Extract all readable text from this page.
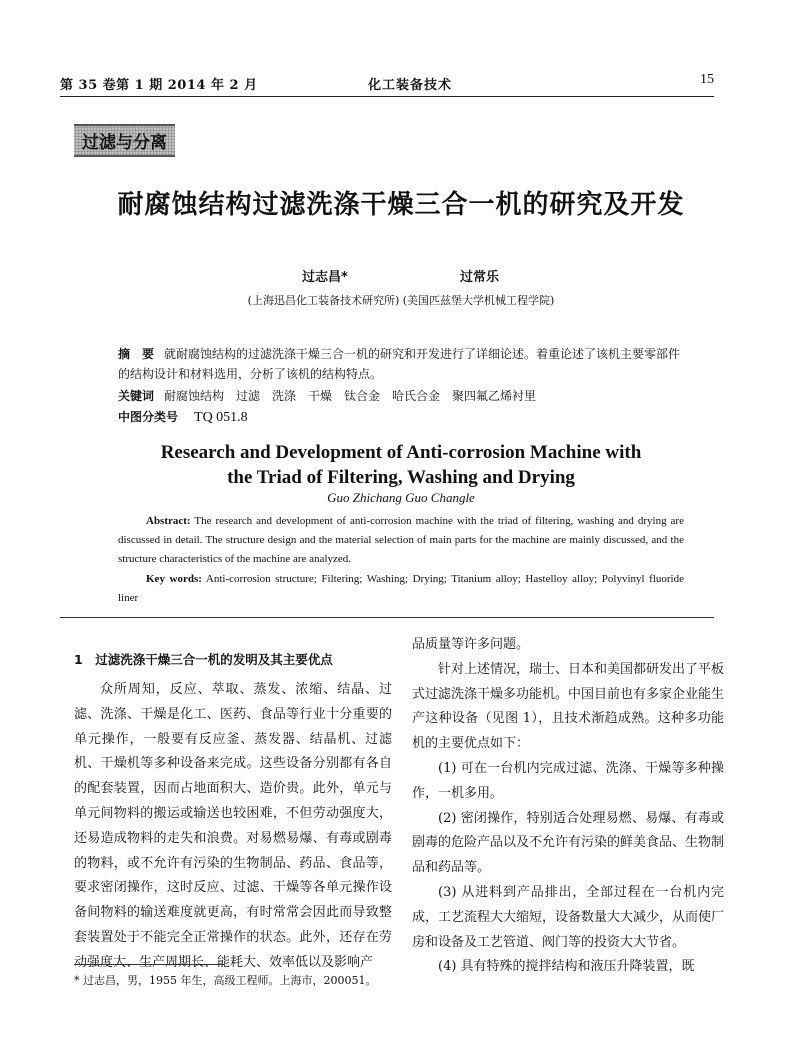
第 35 卷第 1 期 2014 年 2 月	化工装备技术	15
过滤与分离
耐腐蚀结构过滤洗涤干燥三合一机的研究及开发
过志昌*	过常乐
(上海迅昌化工装备技术研究所) (美国匹兹堡大学机械工程学院)
摘　要 就耐腐蚀结构的过滤洗涤干燥三合一机的研究和开发进行了详细论述。着重论述了该机主要零部件的结构设计和材料选用，分析了该机的结构特点。
关键词 耐腐蚀结构　过滤　洗涤　干燥　钛合金　哈氏合金　聚四氟乙烯衬里
中图分类号 TQ 051.8
Research and Development of Anti-corrosion Machine with
the Triad of Filtering, Washing and Drying
Guo Zhichang Guo Changle
Abstract: The research and development of anti-corrosion machine with the triad of filtering, washing and drying are discussed in detail. The structure design and the material selection of main parts for the machine are mainly discussed, and the structure characteristics of the machine are analyzed.
Key words: Anti-corrosion structure; Filtering; Washing; Drying; Titanium alloy; Hastelloy alloy; Polyvinyl fluoride liner
1　过滤洗涤干燥三合一机的发明及其主要优点

众所周知，反应、萃取、蒸发、浓缩、结晶、过滤、洗涤、干燥是化工、医药、食品等行业十分重要的单元操作，一般要有反应釜、蒸发器、结晶机、过滤机、干燥机等多种设备来完成。这些设备分别都有各自的配套装置，因而占地面积大、造价贵。此外，单元与单元间物料的搬运或输送也较困难，不但劳动强度大，还易造成物料的走失和浪费。对易燃易爆、有毒或剧毒的物料，或不允许有污染的生物制品、药品、食品等，要求密闭操作，这时反应、过滤、干燥等各单元操作设备间物料的输送难度就更高，有时常常会因此而导致整套装置处于不能完全正常操作的状态。此外，还存在劳动强度大、生产周期长、能耗大、效率低以及影响产

品质量等许多问题。

针对上述情况，瑞士、日本和美国都研发出了平板式过滤洗涤干燥多功能机。中国目前也有多家企业能生产这种设备（见图 1），且技术渐趋成熟。这种多功能机的主要优点如下：

(1) 可在一台机内完成过滤、洗涤、干燥等多种操作，一机多用。

(2) 密闭操作，特别适合处理易燃、易爆、有毒或剧毒的危险产品以及不允许有污染的鲜美食品、生物制品和药品等。

(3) 从进料到产品排出，全部过程在一台机内完成，工艺流程大大缩短，设备数量大大减少，从而使厂房和设备及工艺管道、阀门等的投资大大节省。

(4) 具有特殊的搅拌结构和液压升降装置，既

* 过志昌，男，1955 年生，高级工程师。上海市，200051。
